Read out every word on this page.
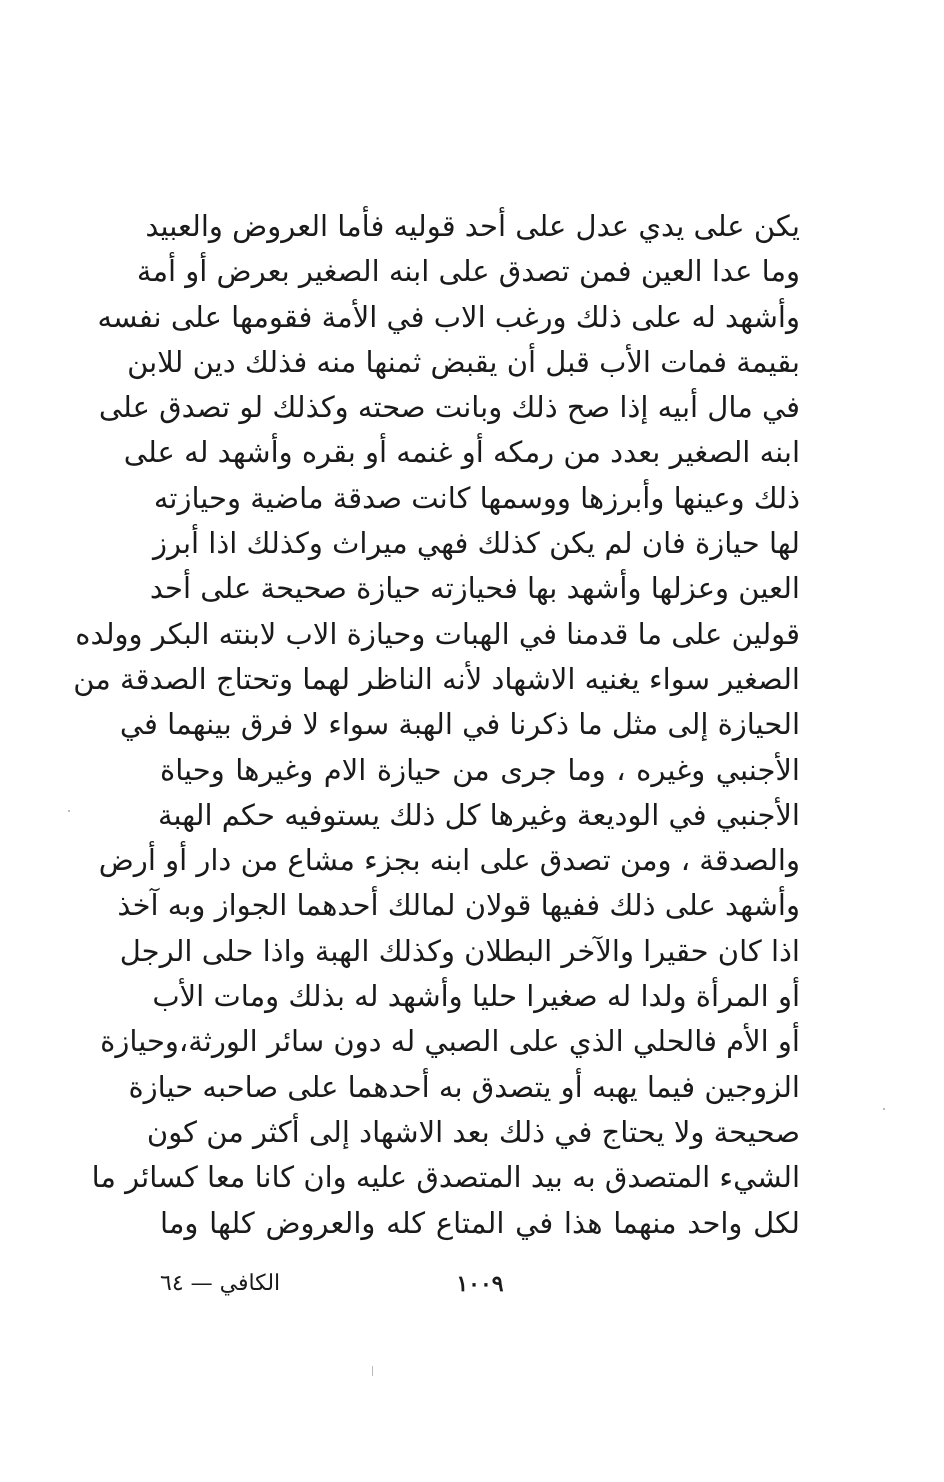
يكن على يدي عدل على أحد قوليه فأما العروض والعبيد
وما عدا العين فمن تصدق على ابنه الصغير بعرض أو أمة
وأشهد له على ذلك ورغب الاب في الأمة فقومها على نفسه
بقيمة فمات الأب قبل أن يقبض ثمنها منه فذلك دين للابن
في مال أبيه إذا صح ذلك وبانت صحته وكذلك لو تصدق على
ابنه الصغير بعدد من رمكه أو غنمه أو بقره وأشهد له على
ذلك وعينها وأبرزها ووسمها كانت صدقة ماضية وحيازته
لها حيازة فان لم يكن كذلك فهي ميراث وكذلك اذا أبرز
العين وعزلها وأشهد بها فحيازته حيازة صحيحة على أحد
قولين على ما قدمنا في الهبات وحيازة الاب لابنته البكر وولده
الصغير سواء يغنيه الاشهاد لأنه الناظر لهما وتحتاج الصدقة من
الحيازة إلى مثل ما ذكرنا في الهبة سواء لا فرق بينهما في
الأجنبي وغيره ، وما جرى من حيازة الام وغيرها وحياة
الأجنبي في الوديعة وغيرها كل ذلك يستوفيه حكم الهبة
والصدقة ، ومن تصدق على ابنه بجزء مشاع من دار أو أرض
وأشهد على ذلك ففيها قولان لمالك أحدهما الجواز وبه آخذ
اذا كان حقيرا والآخر البطلان وكذلك الهبة واذا حلى الرجل
أو المرأة ولدا له صغيرا حليا وأشهد له بذلك ومات الأب
أو الأم فالحلي الذي على الصبي له دون سائر الورثة،وحيازة
الزوجين فيما يهبه أو يتصدق به أحدهما على صاحبه حيازة
صحيحة ولا يحتاج في ذلك بعد الاشهاد إلى أكثر من كون
الشيء المتصدق به بيد المتصدق عليه وان كانا معا كسائر ما
لكل واحد منهما هذا في المتاع كله والعروض كلها وما
١٠٠٩
الكافي — ٦٤
